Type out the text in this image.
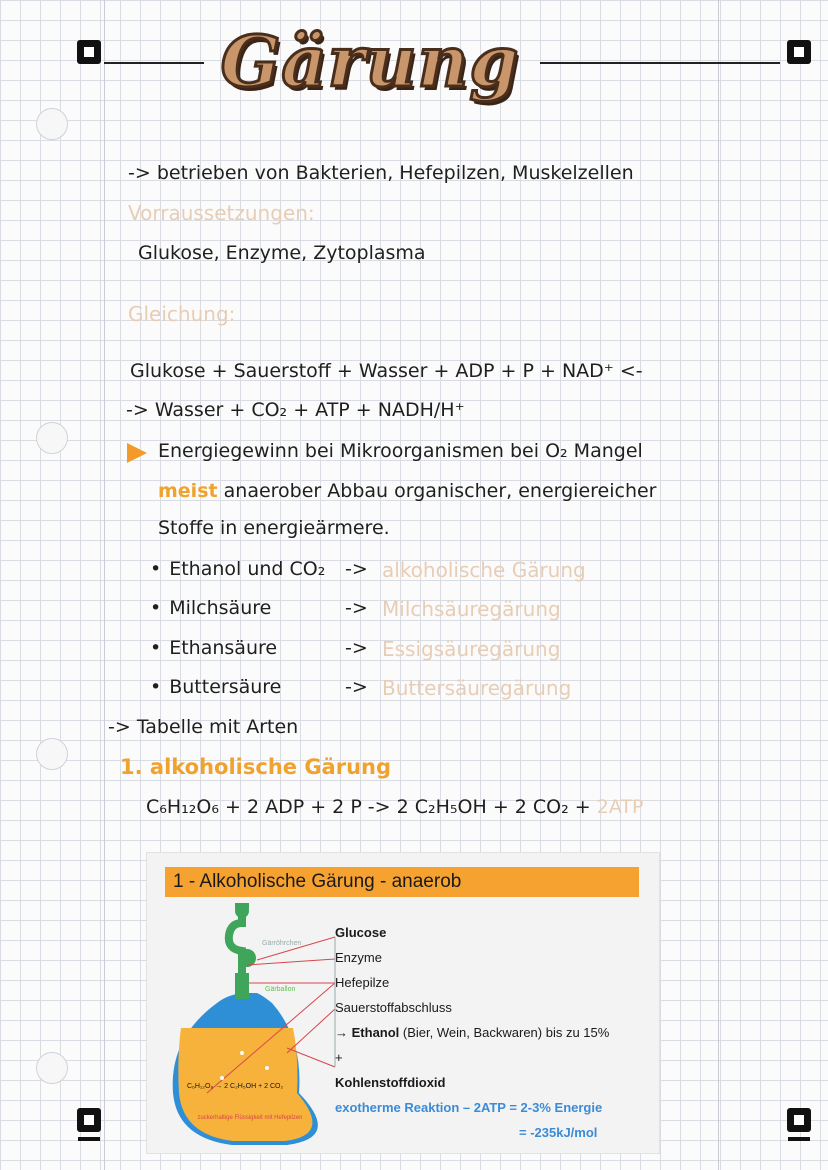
Gärung
-> betrieben von Bakterien, Hefepilzen, Muskelzellen
Vorraussetzungen:
Glukose, Enzyme, Zytoplasma
Gleichung:
Glukose + Sauerstoff + Wasser + ADP + P + NAD⁺ <-
-> Wasser + CO₂ + ATP + NADH/H⁺
Energiegewinn bei Mikroorganismen bei O₂ Mangel
meist anaerober Abbau organischer, energiereicher
Stoffe in energieärmere.
• Ethanol und CO₂ -> alkoholische Gärung
• Milchsäure	-> Milchsäuregärung
• Ethansäure	-> Essigsäuregärung
• Buttersäure	-> Buttersäuregärung
-> Tabelle mit Arten
1. alkoholische Gärung
C₆H₁₂O₆ + 2 ADP + 2 P -> 2 C₂H₅OH + 2 CO₂ + 2ATP
1 - Alkoholische Gärung - anaerob
Gärröhrchen
Gärballon
C₆H₁₂O₆ → 2 C₂H₅OH + 2 CO₂
zuckerhaltige Flüssigkeit mit Hefepilzen
Glucose
Enzyme
Hefepilze
Sauerstoffabschluss
→ Ethanol (Bier, Wein, Backwaren) bis zu 15%
+
Kohlenstoffdioxid
exotherme Reaktion – 2ATP = 2-3% Energie
= -235kJ/mol
